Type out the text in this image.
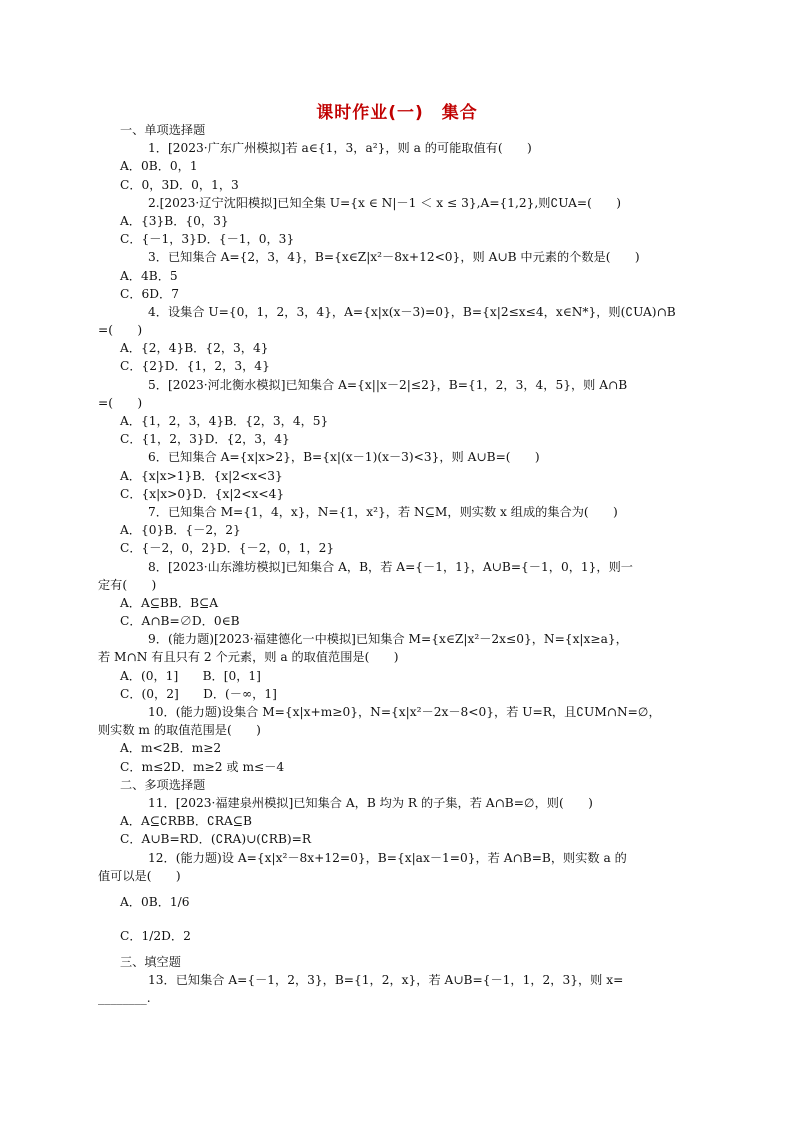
课时作业(一)　集合
一、单项选择题
1．[2023·广东广州模拟]若 a∈{1，3，a²}，则 a 的可能取值有(　　)
A．0B．0，1
C．0，3D．0，1，3
2.[2023·辽宁沈阳模拟]已知全集 U={x ∈ N|－1 ＜ x ≤ 3},A={1,2},则∁UA=(　　)
A．{3}B．{0，3}
C．{－1，3}D．{－1，0，3}
3．已知集合 A={2，3，4}，B={x∈Z|x²－8x+12<0}，则 A∪B 中元素的个数是(　　)
A．4B．5
C．6D．7
4．设集合 U={0，1，2，3，4}，A={x|x(x－3)=0}，B={x|2≤x≤4，x∈N*}，则(∁UA)∩B
=(　　)
A．{2，4}B．{2，3，4}
C．{2}D．{1，2，3，4}
5．[2023·河北衡水模拟]已知集合 A={x||x－2|≤2}，B={1，2，3，4，5}，则 A∩B
=(　　)
A．{1，2，3，4}B．{2，3，4，5}
C．{1，2，3}D．{2，3，4}
6．已知集合 A={x|x>2}，B={x|(x－1)(x－3)<3}，则 A∪B=(　　)
A．{x|x>1}B．{x|2<x<3}
C．{x|x>0}D．{x|2<x<4}
7．已知集合 M={1，4，x}，N={1，x²}，若 N⊆M，则实数 x 组成的集合为(　　)
A．{0}B．{－2，2}
C．{－2，0，2}D．{－2，0，1，2}
8．[2023·山东潍坊模拟]已知集合 A，B，若 A={－1，1}，A∪B={－1，0，1}，则一
定有(　　)
A．A⊆BB．B⊆A
C．A∩B=∅D．0∈B
9．(能力题)[2023·福建德化一中模拟]已知集合 M={x∈Z|x²－2x≤0}，N={x|x≥a}，
若 M∩N 有且只有 2 个元素，则 a 的取值范围是(　　)
A．(0，1]　　B．[0，1]
C．(0，2]　　D．(－∞，1]
10．(能力题)设集合 M={x|x+m≥0}，N={x|x²－2x－8<0}，若 U=R，且∁UM∩N=∅，
则实数 m 的取值范围是(　　)
A．m<2B．m≥2
C．m≤2D．m≥2 或 m≤－4
二、多项选择题
11．[2023·福建泉州模拟]已知集合 A，B 均为 R 的子集，若 A∩B=∅，则(　　)
A．A⊆∁RBB．∁RA⊆B
C．A∪B=RD．(∁RA)∪(∁RB)=R
12．(能力题)设 A={x|x²－8x+12=0}，B={x|ax－1=0}，若 A∩B=B，则实数 a 的
值可以是(　　)
A．0B．1/6
C．1/2D．2
三、填空题
13．已知集合 A={－1，2，3}，B={1，2，x}，若 A∪B={－1，1，2，3}，则 x=
________.
